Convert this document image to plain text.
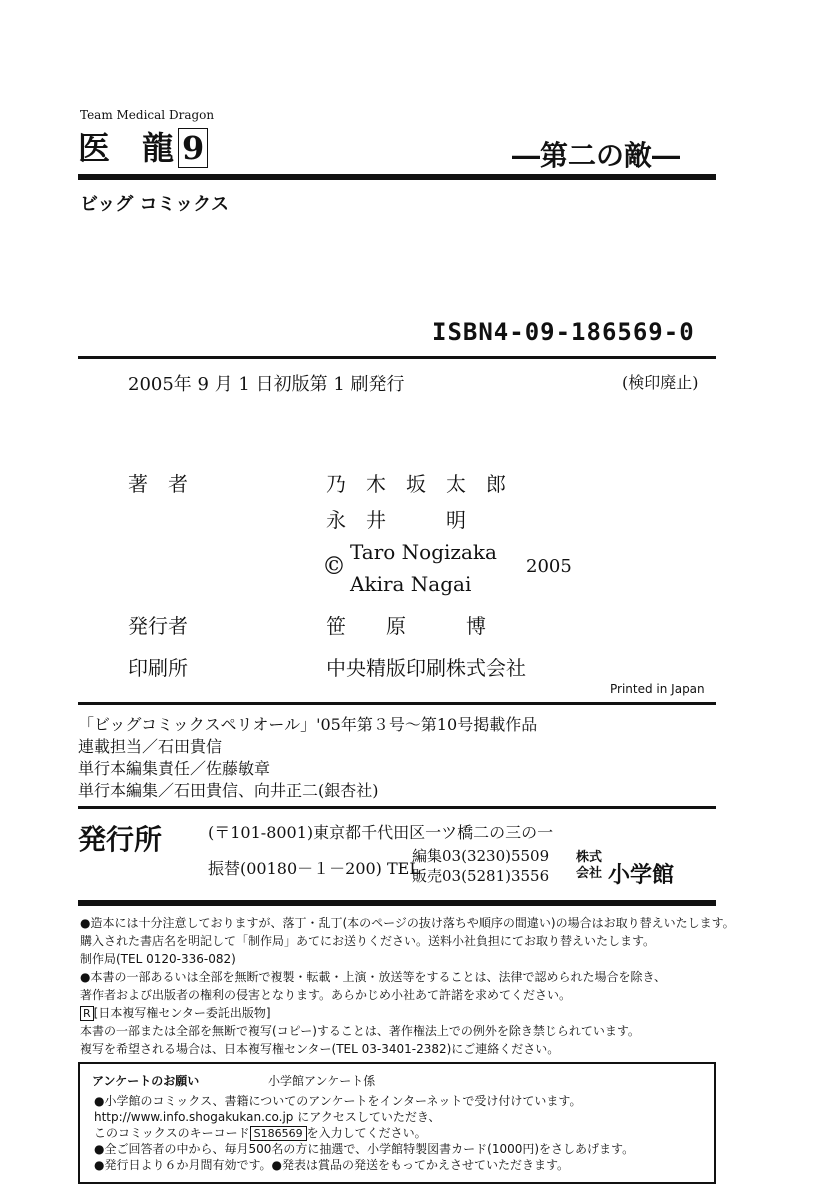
Team Medical Dragon
医　龍 9	―第二の敵―
ビッグ コミックス
ISBN4-09-186569-0
2005年 9 月 1 日初版第 1 刷発行	(検印廃止)
著　者	乃木坂太郎
永　井　　　明
© Taro Nogizaka
Akira Nagai
2005
発行者	笹　　原　　　博
印刷所	中央精版印刷株式会社
Printed in Japan
「ビッグコミックスペリオール」'05年第３号～第10号掲載作品
連載担当／石田貴信
単行本編集責任／佐藤敏章
単行本編集／石田貴信、向井正二(銀杏社)
発行所	(〒101-8001)東京都千代田区一ツ橋二の三の一
振替(00180－１－200) TEL
編集03(3230)5509
販売03(5281)3556
株式
会社 小学館
●造本には十分注意しておりますが、落丁・乱丁(本のページの抜け落ちや順序の間違い)の場合はお取り替えいたします。
購入された書店名を明記して「制作局」あてにお送りください。送料小社負担にてお取り替えいたします。
制作局(TEL 0120-336-082)
●本書の一部あるいは全部を無断で複製・転載・上演・放送等をすることは、法律で認められた場合を除き、
著作者および出版者の権利の侵害となります。あらかじめ小社あて許諾を求めてください。
R [日本複写権センター委託出版物]
本書の一部または全部を無断で複写(コピー)することは、著作権法上での例外を除き禁じられています。
複写を希望される場合は、日本複写権センター(TEL 03-3401-2382)にご連絡ください。
アンケートのお願い	小学館アンケート係
●小学館のコミックス、書籍についてのアンケートをインターネットで受け付けています。
http://www.info.shogakukan.co.jp にアクセスしていただき、
このコミックスのキーコード S186569 を入力してください。
●全ご回答者の中から、毎月500名の方に抽選で、小学館特製図書カード(1000円)をさしあげます。
●発行日より６か月間有効です。●発表は賞品の発送をもってかえさせていただきます。
